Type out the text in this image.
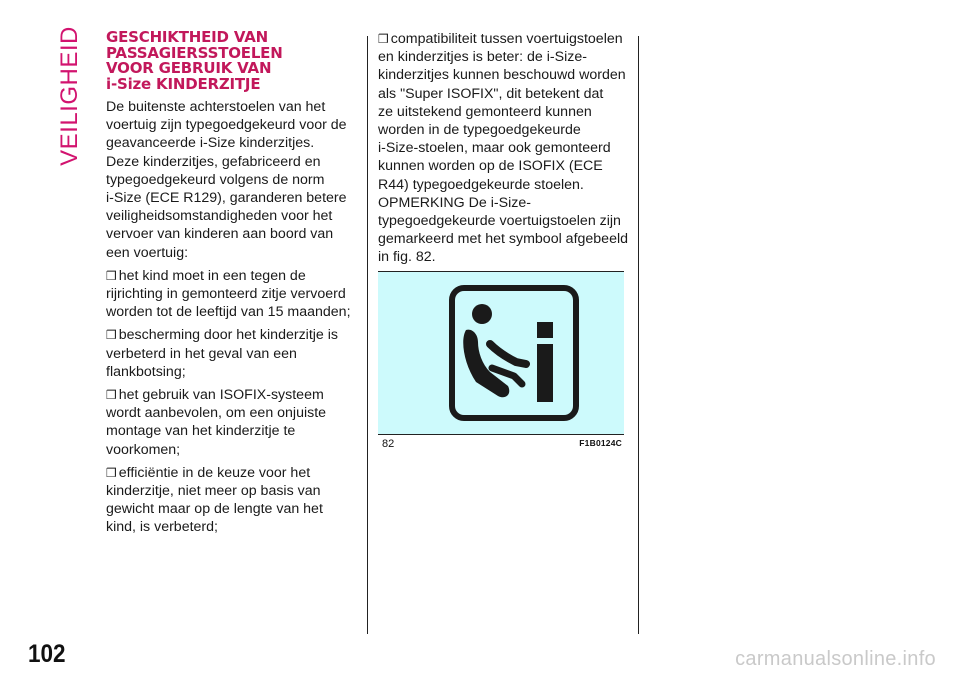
VEILIGHEID GESCHIKTHEID VAN
PASSAGIERSSTOELEN
VOOR GEBRUIK VAN
i-Size KINDERZITJE

De buitenste achterstoelen van het
voertuig zijn typegoedgekeurd voor de
geavanceerde i-Size kinderzitjes.
Deze kinderzitjes, gefabriceerd en
typegoedgekeurd volgens de norm
i-Size (ECE R129), garanderen betere
veiligheidsomstandigheden voor het
vervoer van kinderen aan boord van
een voertuig:

❒ het kind moet in een tegen de
rijrichting in gemonteerd zitje vervoerd
worden tot de leeftijd van 15 maanden;

❒ bescherming door het kinderzitje is
verbeterd in het geval van een
flankbotsing;

❒ het gebruik van ISOFIX-systeem
wordt aanbevolen, om een onjuiste
montage van het kinderzitje te
voorkomen;

❒ efficiëntie in de keuze voor het
kinderzitje, niet meer op basis van
gewicht maar op de lengte van het
kind, is verbeterd;

❒ compatibiliteit tussen voertuigstoelen
en kinderzitjes is beter: de i-Size-
kinderzitjes kunnen beschouwd worden
als "Super ISOFIX", dit betekent dat
ze uitstekend gemonteerd kunnen
worden in de typegoedgekeurde
i-Size-stoelen, maar ook gemonteerd
kunnen worden op de ISOFIX (ECE
R44) typegoedgekeurde stoelen.
OPMERKING De i-Size-
typegoedgekeurde voertuigstoelen zijn
gemarkeerd met het symbool afgebeeld
in fig. 82.

82	F1B0124C
102	carmanualsonline.info
